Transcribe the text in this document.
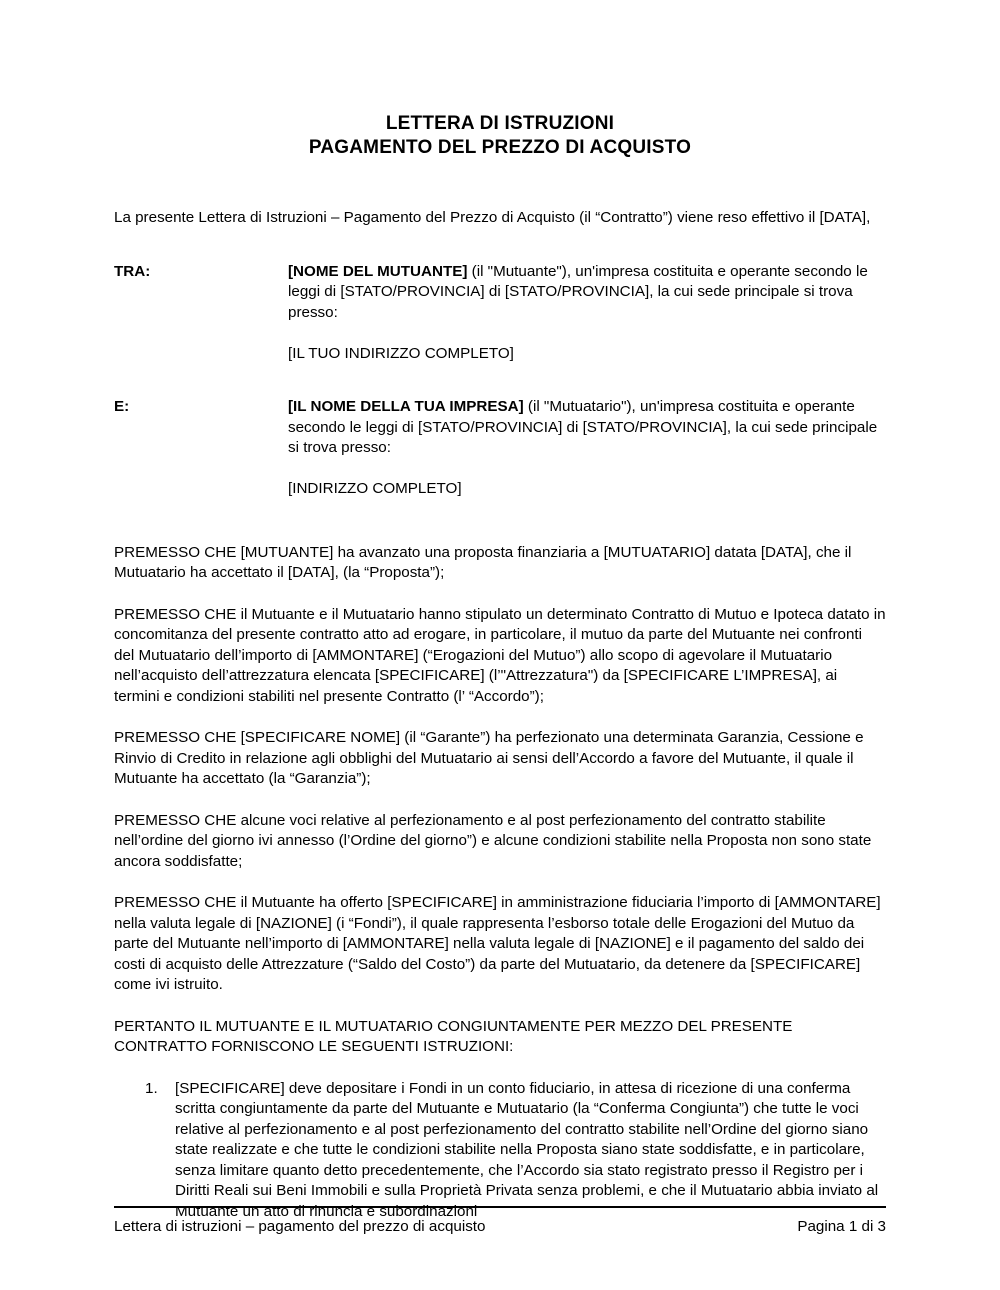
LETTERA DI ISTRUZIONI
PAGAMENTO DEL PREZZO DI ACQUISTO

La presente Lettera di Istruzioni – Pagamento del Prezzo di Acquisto (il “Contratto”) viene reso effettivo il [DATA],

TRA:	[NOME DEL MUTUANTE] (il "Mutuante"), un'impresa costituita e operante secondo le leggi di [STATO/PROVINCIA] di [STATO/PROVINCIA], la cui sede principale si trova presso:
[IL TUO INDIRIZZO COMPLETO]
E:	[IL NOME DELLA TUA IMPRESA] (il "Mutuatario"), un'impresa costituita e operante secondo le leggi di [STATO/PROVINCIA] di [STATO/PROVINCIA], la cui sede principale si trova presso:
[INDIRIZZO COMPLETO]

PREMESSO CHE [MUTUANTE] ha avanzato una proposta finanziaria a [MUTUATARIO] datata [DATA], che il Mutuatario ha accettato il [DATA], (la “Proposta”);

PREMESSO CHE il Mutuante e il Mutuatario hanno stipulato un determinato Contratto di Mutuo e Ipoteca datato in concomitanza del presente contratto atto ad erogare, in particolare, il mutuo da parte del Mutuante nei confronti del Mutuatario dell’importo di [AMMONTARE] (“Erogazioni del Mutuo”) allo scopo di agevolare il Mutuatario nell’acquisto dell’attrezzatura elencata [SPECIFICARE] (l’"Attrezzatura") da [SPECIFICARE L’IMPRESA], ai termini e condizioni stabiliti nel presente Contratto (l’ “Accordo”);

PREMESSO CHE [SPECIFICARE NOME] (il “Garante”) ha perfezionato una determinata Garanzia, Cessione e Rinvio di Credito in relazione agli obblighi del Mutuatario ai sensi dell’Accordo a favore del Mutuante, il quale il Mutuante ha accettato (la “Garanzia”);

PREMESSO CHE alcune voci relative al perfezionamento e al post perfezionamento del contratto stabilite nell’ordine del giorno ivi annesso (l’Ordine del giorno”) e alcune condizioni stabilite nella Proposta non sono state ancora soddisfatte;

PREMESSO CHE il Mutuante ha offerto [SPECIFICARE] in amministrazione fiduciaria l’importo di [AMMONTARE] nella valuta legale di [NAZIONE] (i “Fondi”), il quale rappresenta l’esborso totale delle Erogazioni del Mutuo da parte del Mutuante nell’importo di [AMMONTARE] nella valuta legale di [NAZIONE] e il pagamento del saldo dei costi di acquisto delle Attrezzature (“Saldo del Costo”) da parte del Mutuatario, da detenere da [SPECIFICARE] come ivi istruito.

PERTANTO IL MUTUANTE E IL MUTUATARIO CONGIUNTAMENTE PER MEZZO DEL PRESENTE CONTRATTO FORNISCONO LE SEGUENTI ISTRUZIONI:

1.	[SPECIFICARE] deve depositare i Fondi in un conto fiduciario, in attesa di ricezione di una conferma scritta congiuntamente da parte del Mutuante e Mutuatario (la “Conferma Congiunta”) che tutte le voci relative al perfezionamento e al post perfezionamento del contratto stabilite nell’Ordine del giorno siano state realizzate e che tutte le condizioni stabilite nella Proposta siano state soddisfatte, e in particolare, senza limitare quanto detto precedentemente, che l’Accordo sia stato registrato presso il Registro per i Diritti Reali sui Beni Immobili e sulla Proprietà Privata senza problemi, e che il Mutuatario abbia inviato al Mutuante un atto di rinuncia e subordinazioni
Lettera di istruzioni – pagamento del prezzo di acquisto	Pagina 1 di 3
